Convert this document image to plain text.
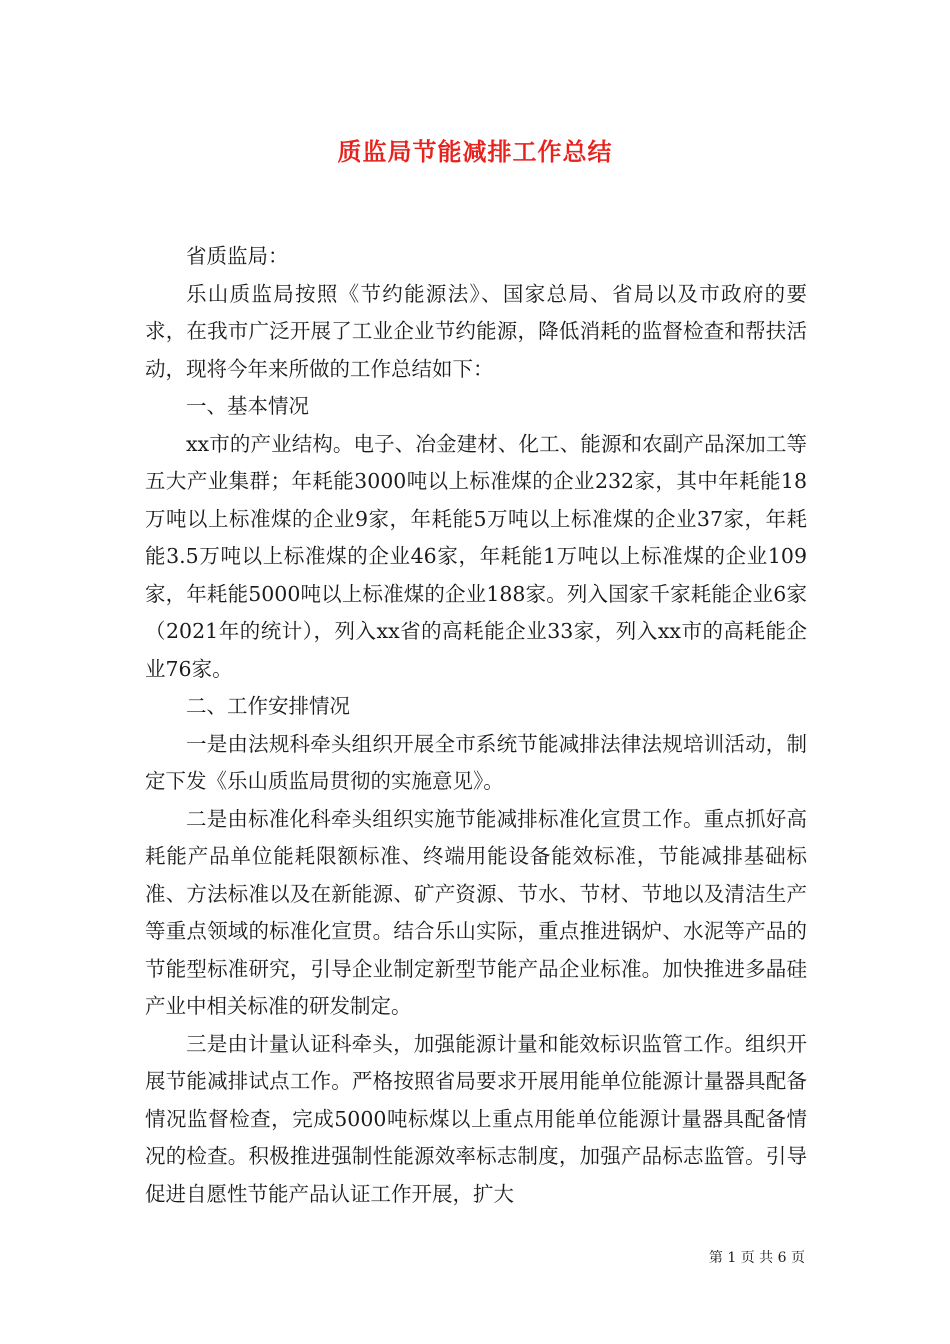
质监局节能减排工作总结

省质监局：

乐山质监局按照《节约能源法》、国家总局、省局以及市政府的要求，在我市广泛开展了工业企业节约能源，降低消耗的监督检查和帮扶活动，现将今年来所做的工作总结如下：

一、基本情况

xx市的产业结构。电子、冶金建材、化工、能源和农副产品深加工等五大产业集群；年耗能3000吨以上标准煤的企业232家，其中年耗能18万吨以上标准煤的企业9家，年耗能5万吨以上标准煤的企业37家，年耗能3.5万吨以上标准煤的企业46家，年耗能1万吨以上标准煤的企业109家，年耗能5000吨以上标准煤的企业188家。列入国家千家耗能企业6家（2021年的统计），列入xx省的高耗能企业33家，列入xx市的高耗能企业76家。

二、工作安排情况

一是由法规科牵头组织开展全市系统节能减排法律法规培训活动，制定下发《乐山质监局贯彻的实施意见》。

二是由标准化科牵头组织实施节能减排标准化宣贯工作。重点抓好高耗能产品单位能耗限额标准、终端用能设备能效标准，节能减排基础标准、方法标准以及在新能源、矿产资源、节水、节材、节地以及清洁生产等重点领域的标准化宣贯。结合乐山实际，重点推进锅炉、水泥等产品的节能型标准研究，引导企业制定新型节能产品企业标准。加快推进多晶硅产业中相关标准的研发制定。

三是由计量认证科牵头，加强能源计量和能效标识监管工作。组织开展节能减排试点工作。严格按照省局要求开展用能单位能源计量器具配备情况监督检查，完成5000吨标煤以上重点用能单位能源计量器具配备情况的检查。积极推进强制性能源效率标志制度，加强产品标志监管。引导促进自愿性节能产品认证工作开展，扩大

第 1 页 共 6 页
